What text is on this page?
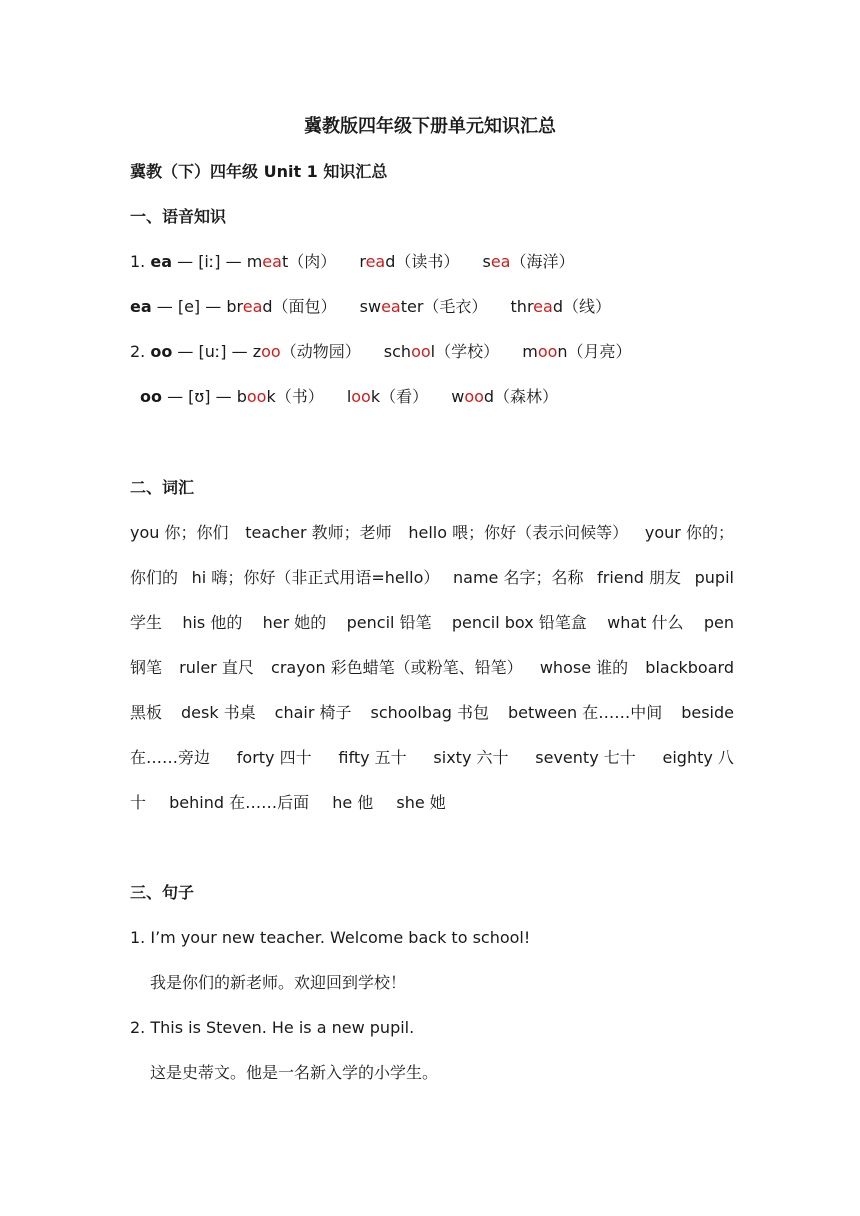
冀教版四年级下册单元知识汇总
冀教（下）四年级 Unit 1 知识汇总
一、语音知识
1. ea — [iː] — meat（肉） read（读书） sea（海洋）
ea — [e] — bread（面包） sweater（毛衣） thread（线）
2. oo — [uː] — zoo（动物园） school（学校） moon（月亮）
oo — [ʊ] — book（书） look（看） wood（森林）
二、词汇
you 你；你们 teacher 教师；老师 hello 喂；你好（表示问候等） your 你的；
你们的 hi 嗨；你好（非正式用语=hello） name 名字；名称 friend 朋友 pupil
学生 his 他的 her 她的 pencil 铅笔 pencil box 铅笔盒 what 什么 pen
钢笔 ruler 直尺 crayon 彩色蜡笔（或粉笔、铅笔） whose 谁的 blackboard
黑板 desk 书桌 chair 椅子 schoolbag 书包 between 在……中间 beside
在……旁边 forty 四十 fifty 五十 sixty 六十 seventy 七十 eighty 八
十 behind 在……后面 he 他 she 她
三、句子
1. I’m your new teacher. Welcome back to school!
我是你们的新老师。欢迎回到学校！
2. This is Steven. He is a new pupil.
这是史蒂文。他是一名新入学的小学生。
